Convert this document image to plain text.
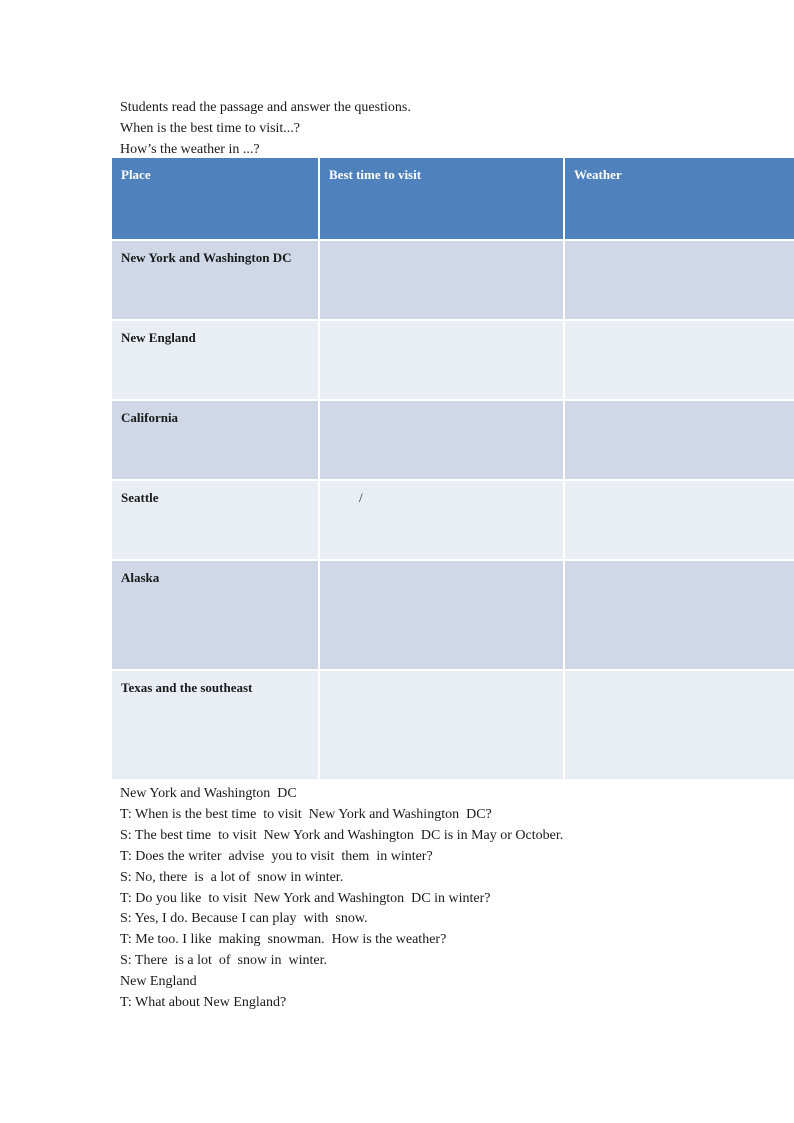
Students read the passage and answer the questions.
When is the best time to visit...?
How’s the weather in ...?
Place	Best time to visit	Weather
New York and Washington DC		
New England		
California		
Seattle	/	
Alaska		
Texas and the southeast		
New York and Washington  DC
T: When is the best time  to visit  New York and Washington  DC?
S: The best time  to visit  New York and Washington  DC is in May or October.
T: Does the writer  advise  you to visit  them  in winter?
S: No, there  is  a lot of  snow in winter.
T: Do you like  to visit  New York and Washington  DC in winter?
S: Yes, I do. Because I can play  with  snow.
T: Me too. I like  making  snowman.  How is the weather?
S: There  is a lot  of  snow in  winter.
New England
T: What about New England?
